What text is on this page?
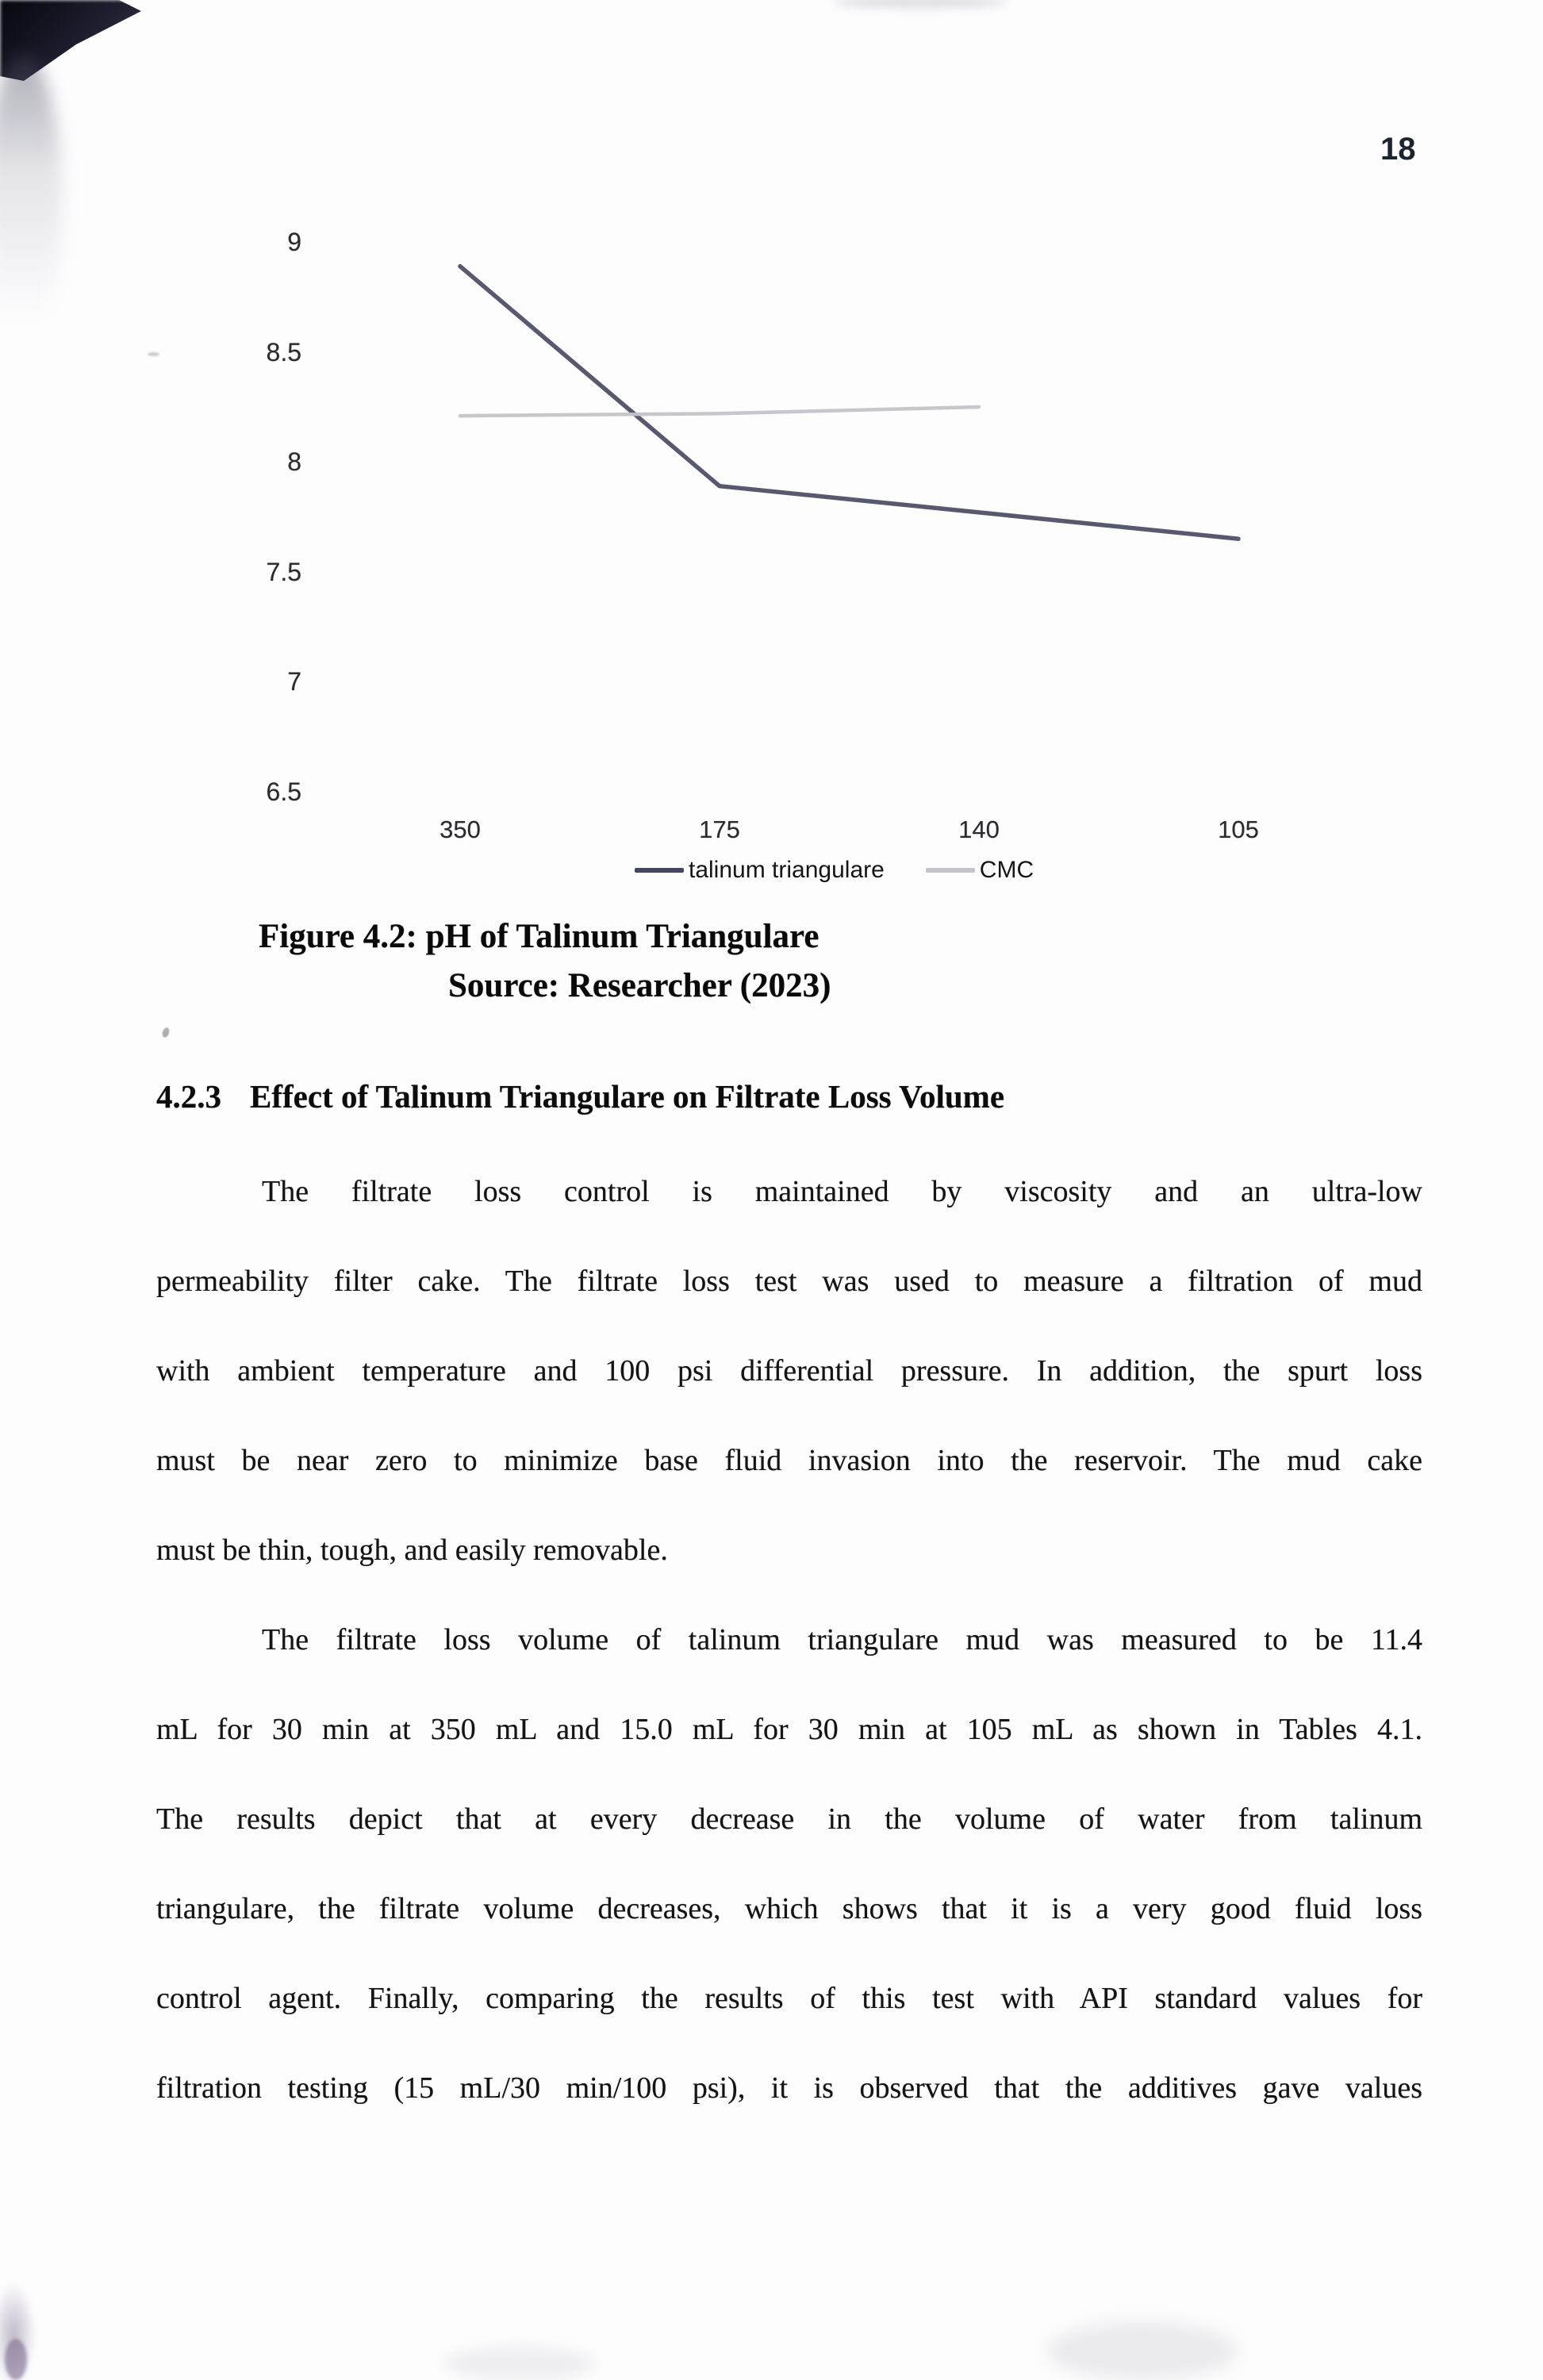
18
talinum triangulare	CMC
9
8.5
8
7.5
7
6.5
350	175	140	105
Figure 4.2: pH of Talinum Triangulare
Source: Researcher (2023)
4.2.3 Effect of Talinum Triangulare on Filtrate Loss Volume
The filtrate loss control is maintained by viscosity and an ultra-low
permeability filter cake. The filtrate loss test was used to measure a filtration of mud
with ambient temperature and 100 psi differential pressure. In addition, the spurt loss
must be near zero to minimize base fluid invasion into the reservoir. The mud cake
must be thin, tough, and easily removable.
The filtrate loss volume of talinum triangulare mud was measured to be 11.4
mL for 30 min at 350 mL and 15.0 mL for 30 min at 105 mL as shown in Tables 4.1.
The results depict that at every decrease in the volume of water from talinum
triangulare, the filtrate volume decreases, which shows that it is a very good fluid loss
control agent. Finally, comparing the results of this test with API standard values for
filtration testing (15 mL/30 min/100 psi), it is observed that the additives gave values
